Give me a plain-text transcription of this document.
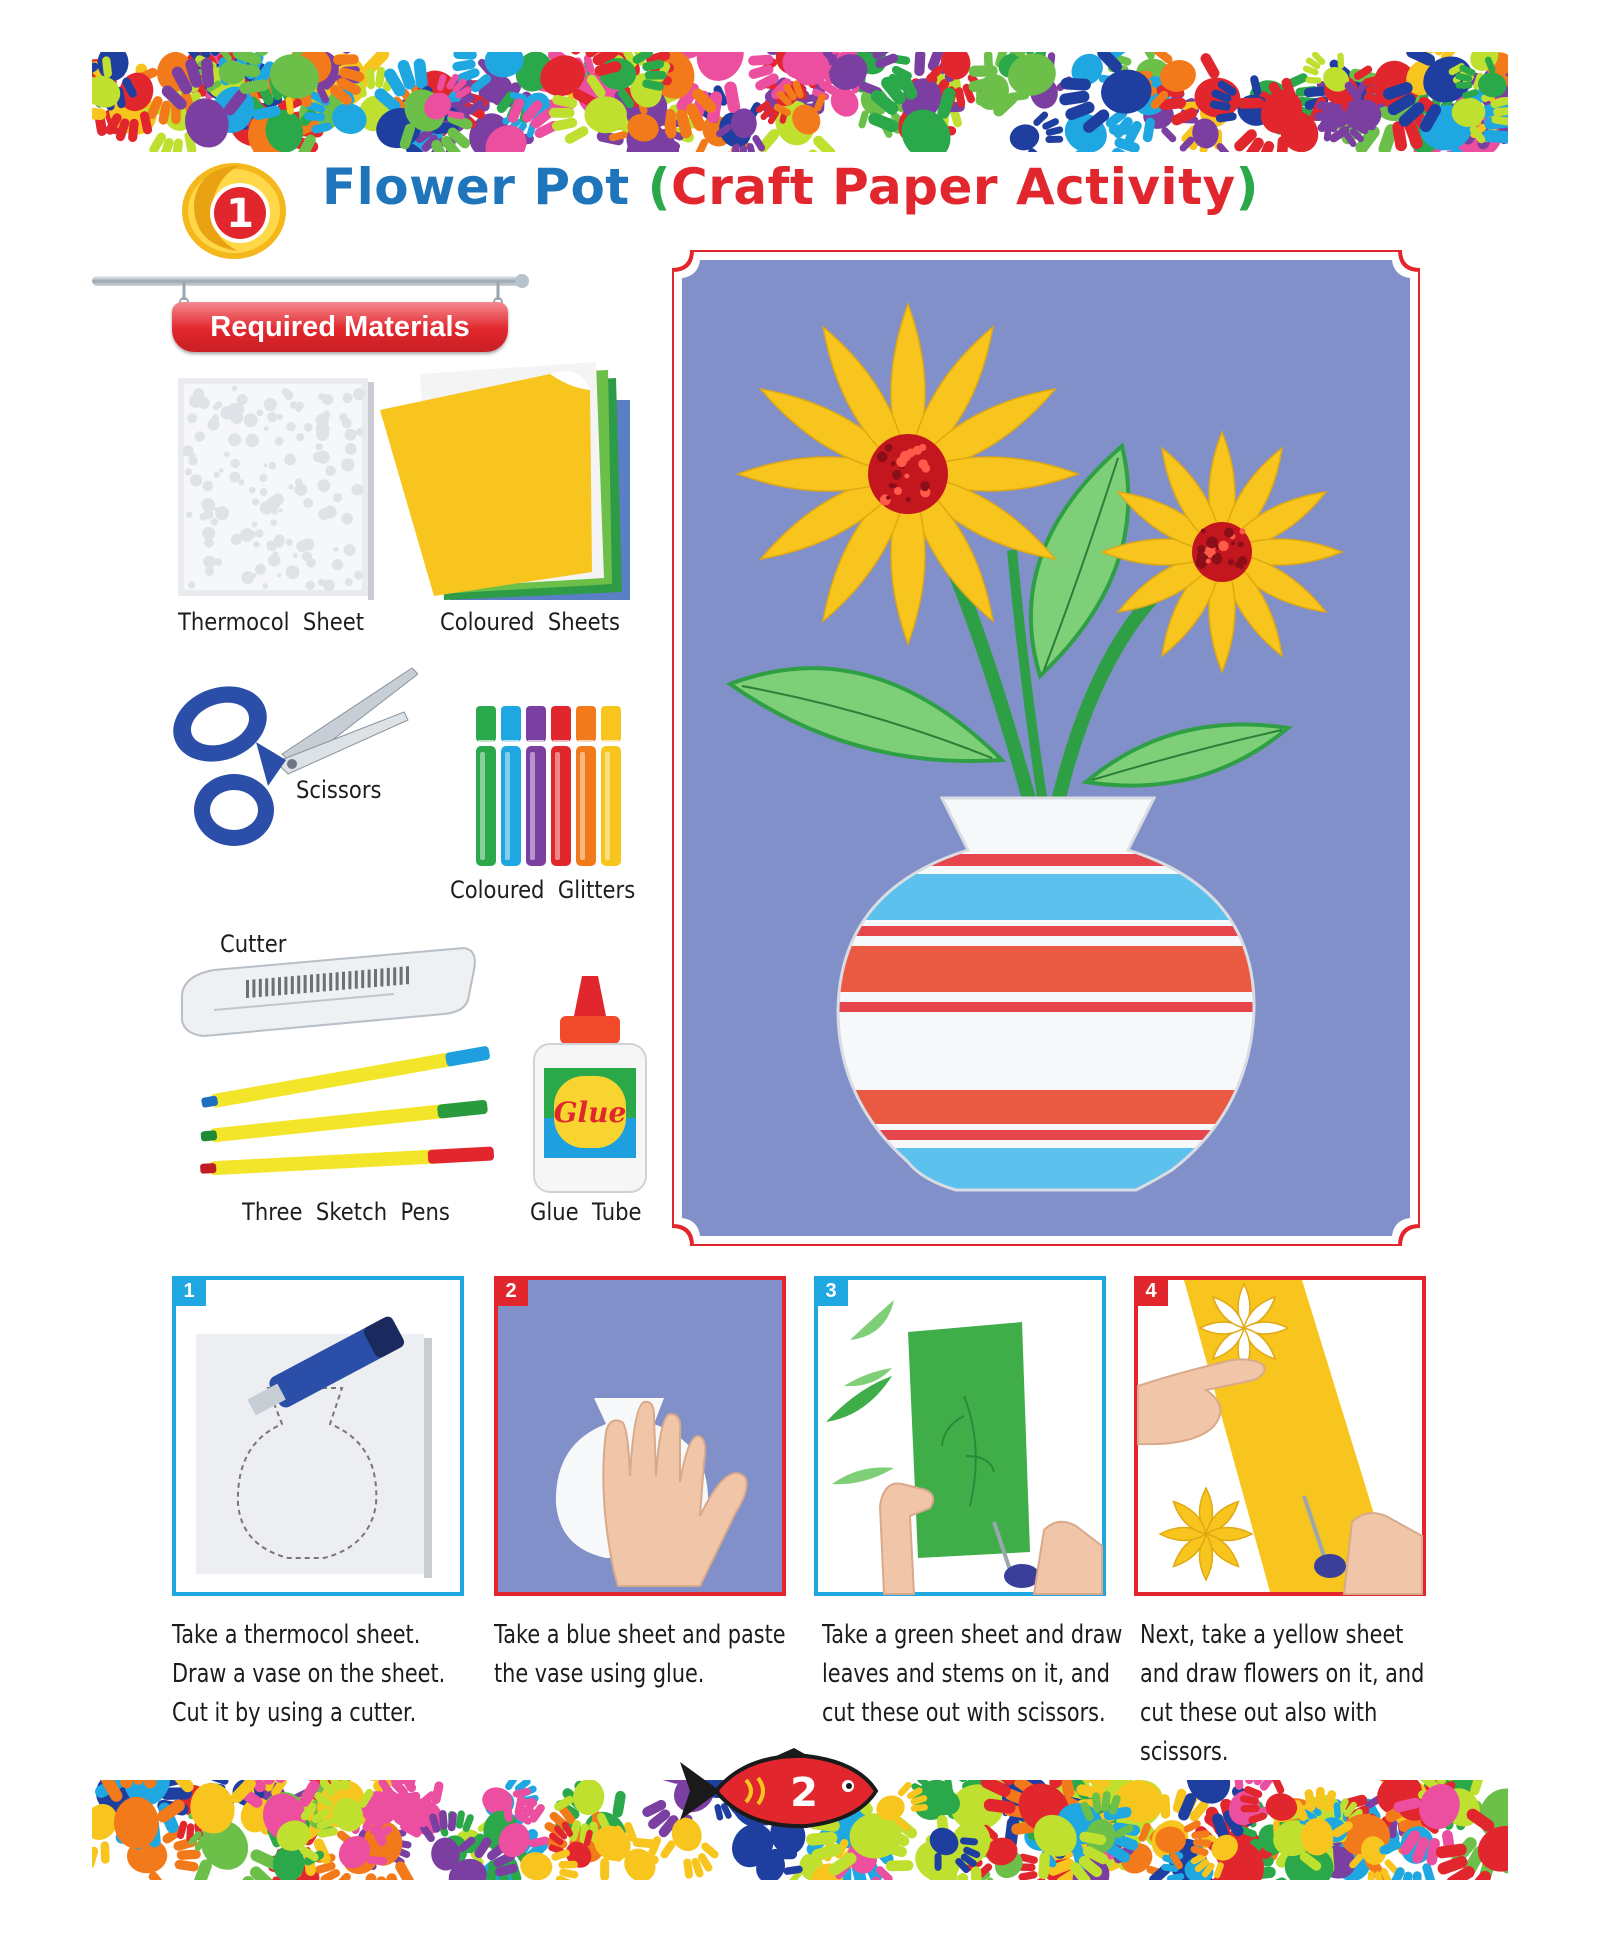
1 Flower Pot (Craft Paper Activity)
Required Materials
Thermocol  Sheet	Coloured  Sheets
Scissors
Coloured  Glitters
Cutter
Three  Sketch  Pens
Glue
Glue  Tube
1
Take a thermocol sheet. Draw a vase on the sheet. Cut it by using a cutter.
2
Take a blue sheet and paste the vase using glue.
3
Take a green sheet and draw leaves and stems on it, and cut these out with scissors.
4
Next, take a yellow sheet and draw flowers on it, and cut these out also with scissors.
2
